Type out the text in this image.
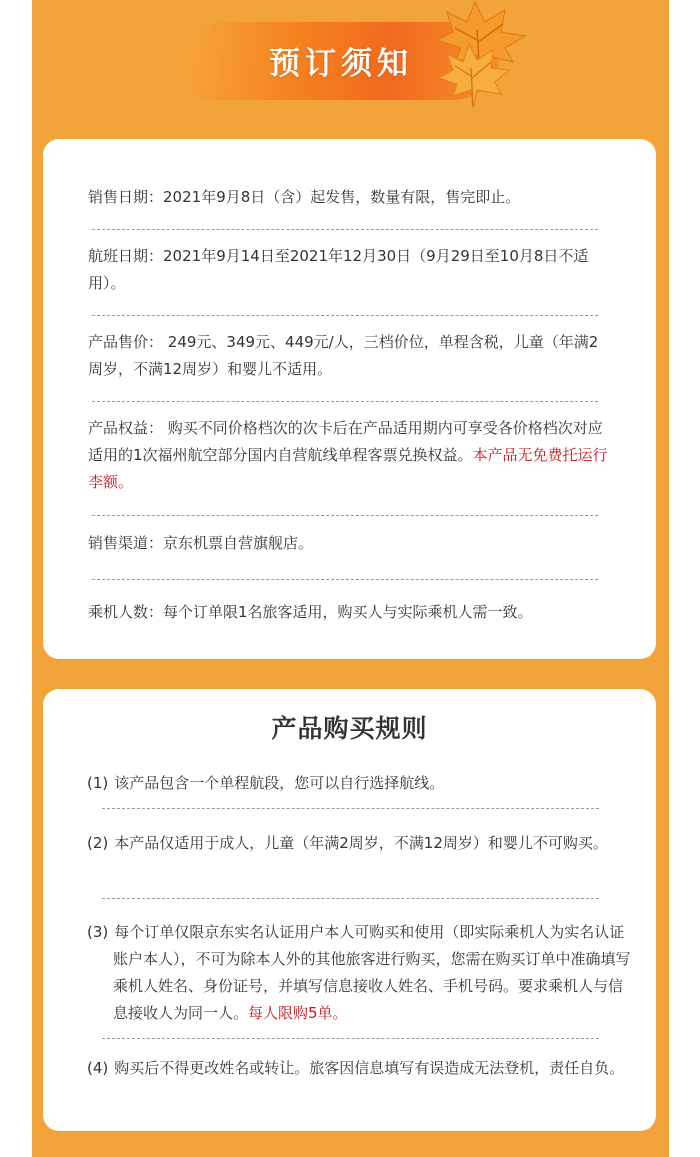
预订须知
销售日期：2021年9月8日（含）起发售，数量有限，售完即止。
航班日期：2021年9月14日至2021年12月30日（9月29日至10月8日不适用）。
产品售价： 249元、349元、449元/人，三档价位，单程含税，儿童（年满2周岁，不满12周岁）和婴儿不适用。
产品权益： 购买不同价格档次的次卡后在产品适用期内可享受各价格档次对应适用的1次福州航空部分国内自营航线单程客票兑换权益。本产品无免费托运行李额。
销售渠道：京东机票自营旗舰店。
乘机人数：每个订单限1名旅客适用，购买人与实际乘机人需一致。
产品购买规则
(1) 该产品包含一个单程航段，您可以自行选择航线。
(2) 本产品仅适用于成人，儿童（年满2周岁，不满12周岁）和婴儿不可购买。
(3) 每个订单仅限京东实名认证用户本人可购买和使用（即实际乘机人为实名认证账户本人），不可为除本人外的其他旅客进行购买，您需在购买订单中准确填写乘机人姓名、身份证号，并填写信息接收人姓名、手机号码。要求乘机人与信息接收人为同一人。每人限购5单。
(4) 购买后不得更改姓名或转让。旅客因信息填写有误造成无法登机，责任自负。
